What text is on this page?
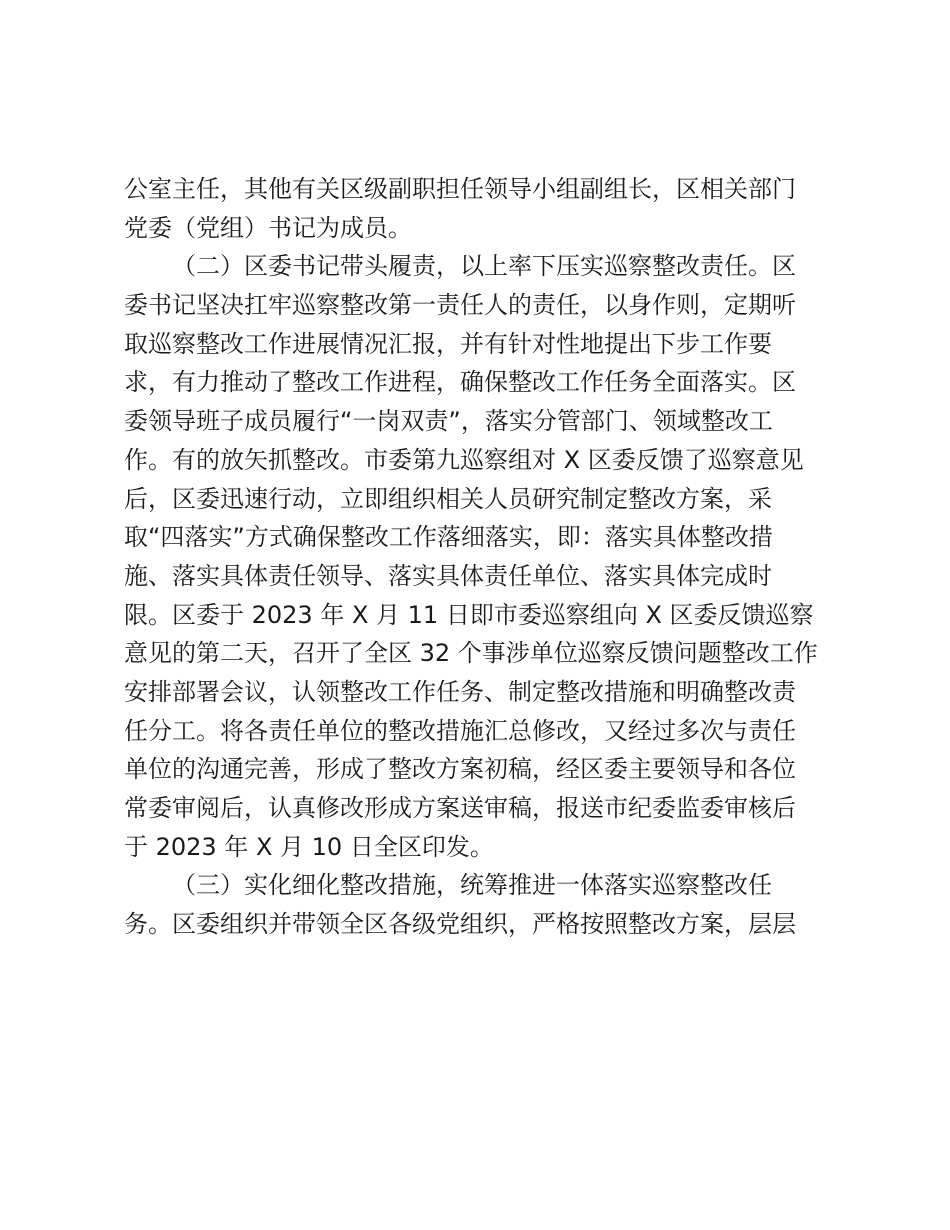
公室主任，其他有关区级副职担任领导小组副组长，区相关部门
党委（党组）书记为成员。
（二）区委书记带头履责，以上率下压实巡察整改责任。区
委书记坚决扛牢巡察整改第一责任人的责任，以身作则，定期听
取巡察整改工作进展情况汇报，并有针对性地提出下步工作要
求，有力推动了整改工作进程，确保整改工作任务全面落实。区
委领导班子成员履行“一岗双责”，落实分管部门、领域整改工
作。有的放矢抓整改。市委第九巡察组对 X 区委反馈了巡察意见
后，区委迅速行动，立即组织相关人员研究制定整改方案，采
取“四落实”方式确保整改工作落细落实，即：落实具体整改措
施、落实具体责任领导、落实具体责任单位、落实具体完成时
限。区委于 2023 年 X 月 11 日即市委巡察组向 X 区委反馈巡察
意见的第二天，召开了全区 32 个事涉单位巡察反馈问题整改工作
安排部署会议，认领整改工作任务、制定整改措施和明确整改责
任分工。将各责任单位的整改措施汇总修改，又经过多次与责任
单位的沟通完善，形成了整改方案初稿，经区委主要领导和各位
常委审阅后，认真修改形成方案送审稿，报送市纪委监委审核后
于 2023 年 X 月 10 日全区印发。
（三）实化细化整改措施，统筹推进一体落实巡察整改任
务。区委组织并带领全区各级党组织，严格按照整改方案，层层
